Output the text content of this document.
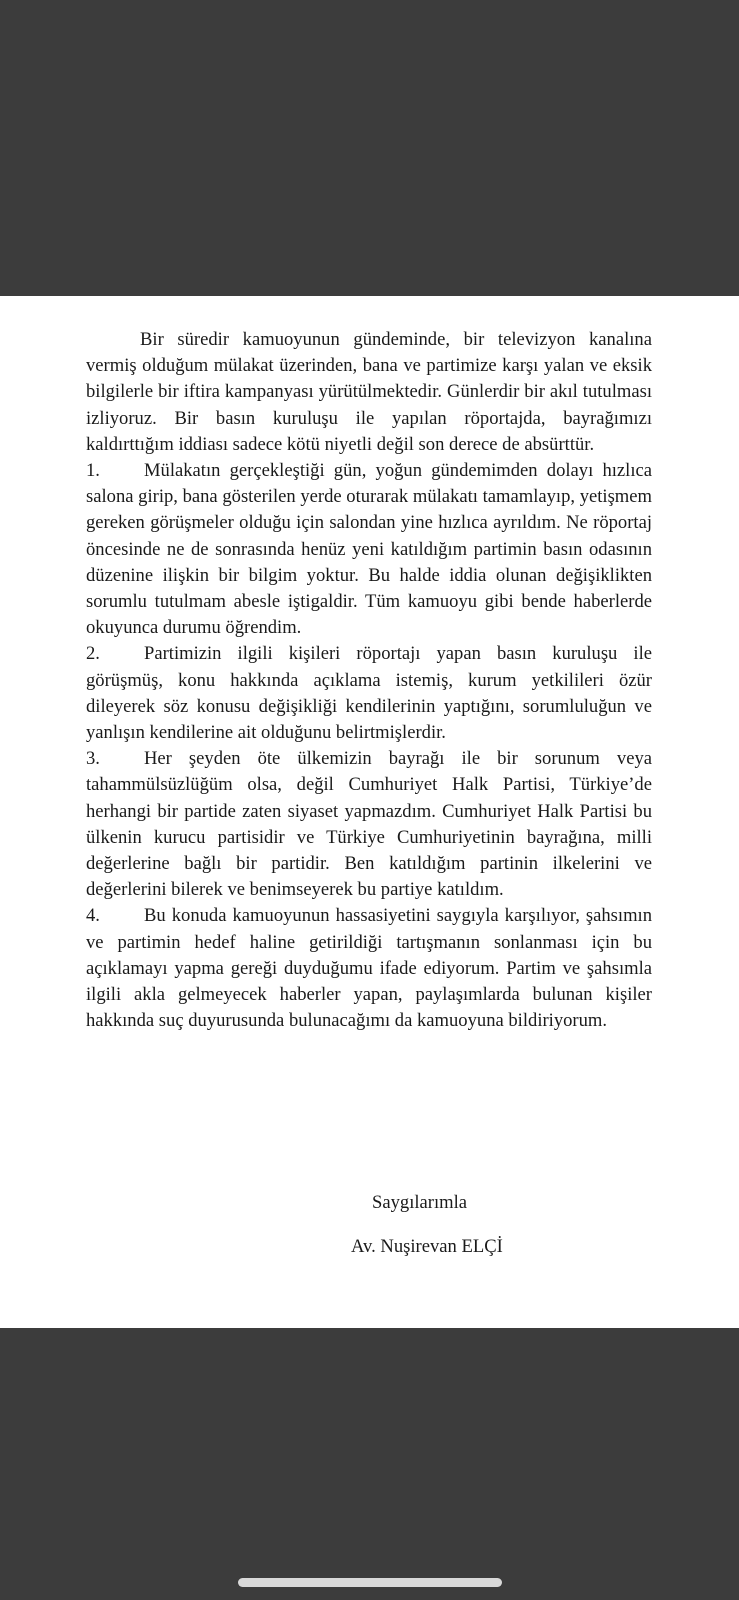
Bir süredir kamuoyunun gündeminde, bir televizyon kanalına vermiş olduğum mülakat üzerinden, bana ve partimize karşı yalan ve eksik bilgilerle bir iftira kampanyası yürütülmektedir. Günlerdir bir akıl tutulması izliyoruz. Bir basın kuruluşu ile yapılan röportajda, bayrağımızı kaldırttığım iddiası sadece kötü niyetli değil son derece de absürttür.

1. Mülakatın gerçekleştiği gün, yoğun gündemimden dolayı hızlıca salona girip, bana gösterilen yerde oturarak mülakatı tamamlayıp, yetişmem gereken görüşmeler olduğu için salondan yine hızlıca ayrıldım. Ne röportaj öncesinde ne de sonrasında henüz yeni katıldığım partimin basın odasının düzenine ilişkin bir bilgim yoktur. Bu halde iddia olunan değişiklikten sorumlu tutulmam abesle iştigaldir. Tüm kamuoyu gibi bende haberlerde okuyunca durumu öğrendim.

2. Partimizin ilgili kişileri röportajı yapan basın kuruluşu ile görüşmüş, konu hakkında açıklama istemiş, kurum yetkilileri özür dileyerek söz konusu değişikliği kendilerinin yaptığını, sorumluluğun ve yanlışın kendilerine ait olduğunu belirtmişlerdir.

3. Her şeyden öte ülkemizin bayrağı ile bir sorunum veya tahammülsüzlüğüm olsa, değil Cumhuriyet Halk Partisi, Türkiye’de herhangi bir partide zaten siyaset yapmazdım. Cumhuriyet Halk Partisi bu ülkenin kurucu partisidir ve Türkiye Cumhuriyetinin bayrağına, milli değerlerine bağlı bir partidir. Ben katıldığım partinin ilkelerini ve değerlerini bilerek ve benimseyerek bu partiye katıldım.

4. Bu konuda kamuoyunun hassasiyetini saygıyla karşılıyor, şahsımın ve partimin hedef haline getirildiği tartışmanın sonlanması için bu açıklamayı yapma gereği duyduğumu ifade ediyorum. Partim ve şahsımla ilgili akla gelmeyecek haberler yapan, paylaşımlarda bulunan kişiler hakkında suç duyurusunda bulunacağımı da kamuoyuna bildiriyorum.

Saygılarımla
Av. Nuşirevan ELÇİ
